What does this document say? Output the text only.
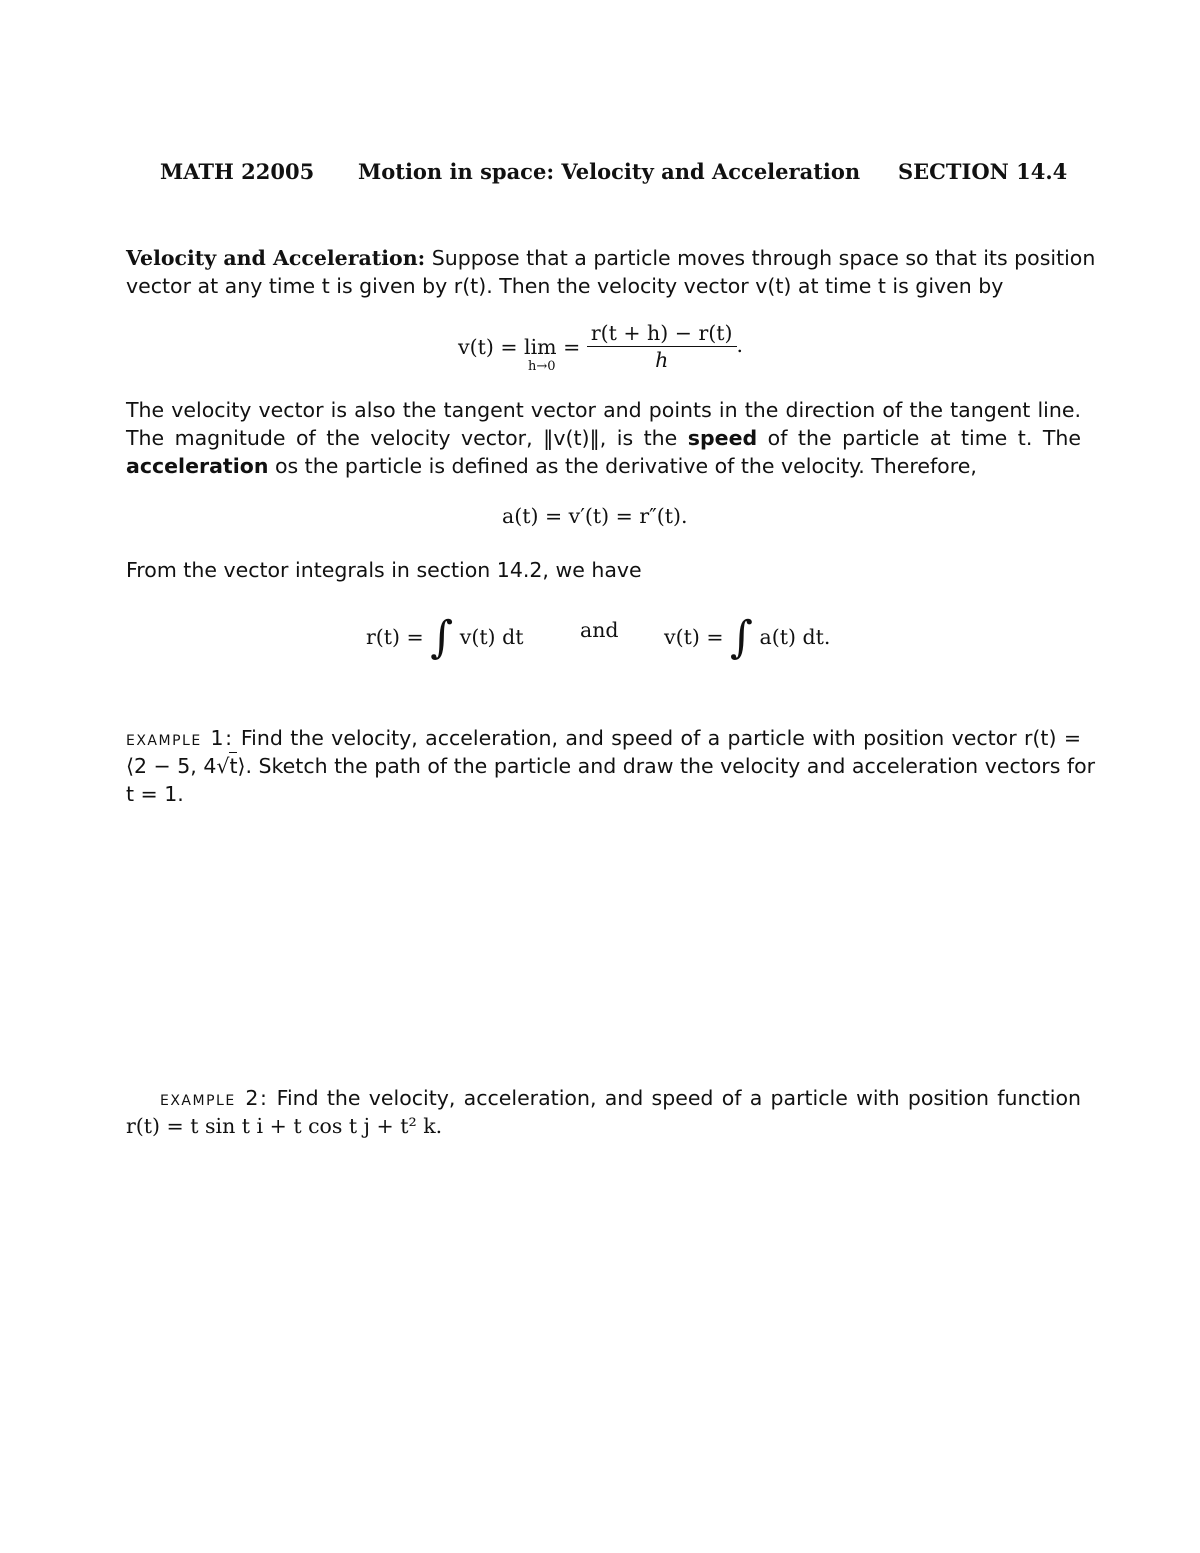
MATH 22005 Motion in space: Velocity and Acceleration SECTION 14.4
Velocity and Acceleration: Suppose that a particle moves through space so that its position
vector at any time t is given by r(t). Then the velocity vector v(t) at time t is given by
v(t) = lim =
h→0
$\frac{r(t + h) - r(t)}{h}$ .
The velocity vector is also the tangent vector and points in the direction of the tangent line.
The magnitude of the velocity vector, ‖v(t)‖, is the speed of the particle at time t. The
acceleration os the particle is defined as the derivative of the velocity. Therefore,
a(t) = v′(t) = r″(t).
From the vector integrals in section 14.2, we have
r(t) = ∫ v(t) dt	and v(t) = ∫ a(t) dt.
example 1: Find the velocity, acceleration, and speed of a particle with position vector r(t) =
⟨2 − 5, 4√t⟩. Sketch the path of the particle and draw the velocity and acceleration vectors for
t = 1.
example 2: Find the velocity, acceleration, and speed of a particle with position function
r(t) = t sin t i + t cos t j + t² k.
